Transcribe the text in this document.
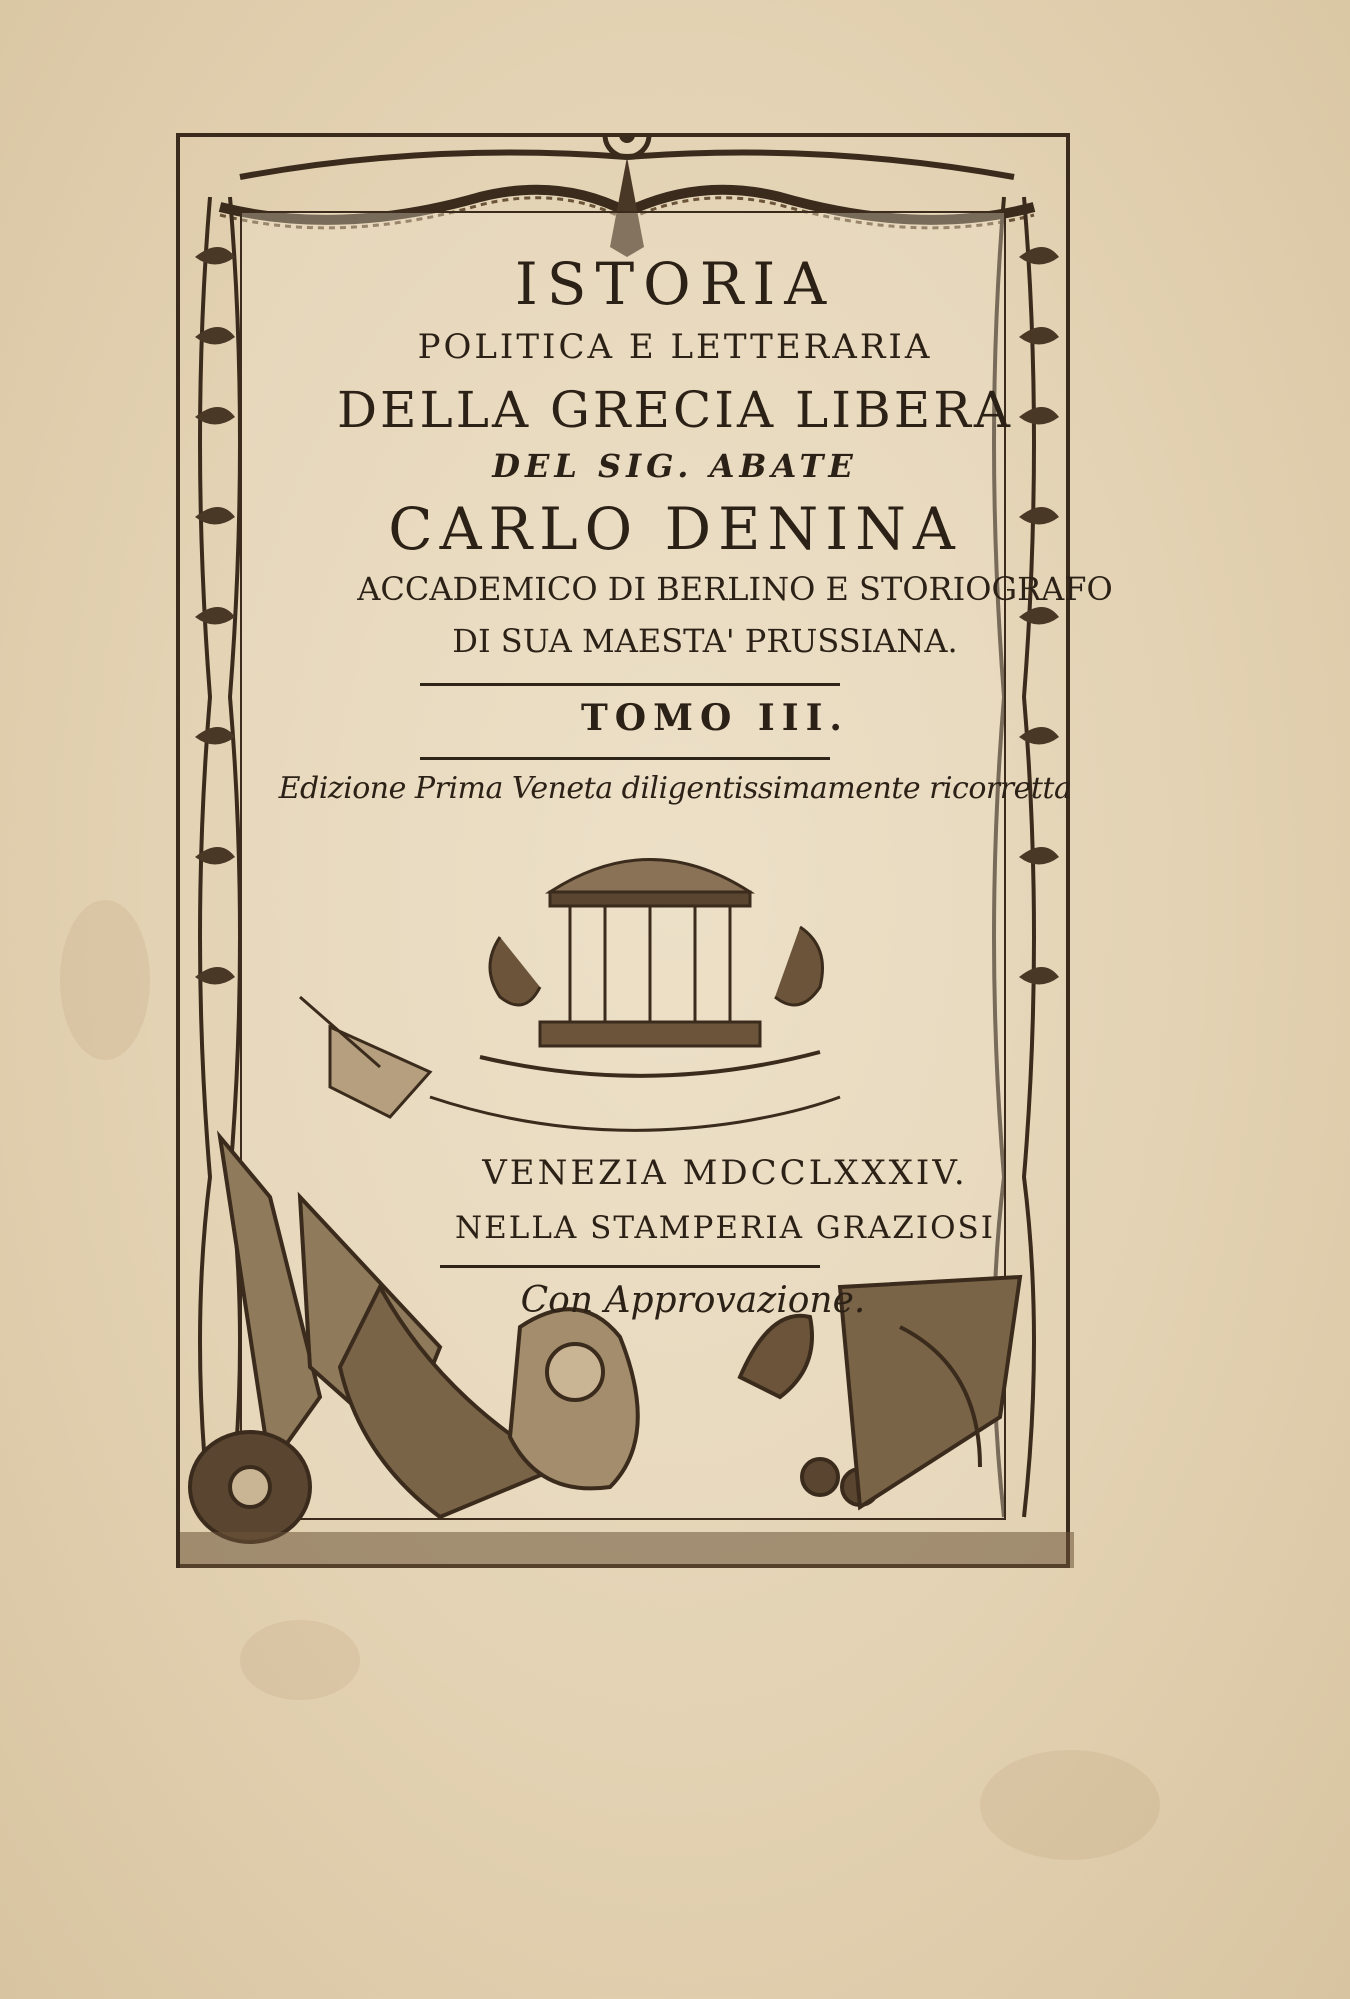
ISTORIA
POLITICA E LETTERARIA
DELLA GRECIA LIBERA
DEL SIG. ABATE
CARLO DENINA
ACCADEMICO DI BERLINO E STORIOGRAFO
DI SUA MAESTA' PRUSSIANA.
TOMO III.
Edizione Prima Veneta diligentissimamente ricorretta
VENEZIA MDCCLXXXIV.
NELLA STAMPERIA GRAZIOSI
Con Approvazione.
